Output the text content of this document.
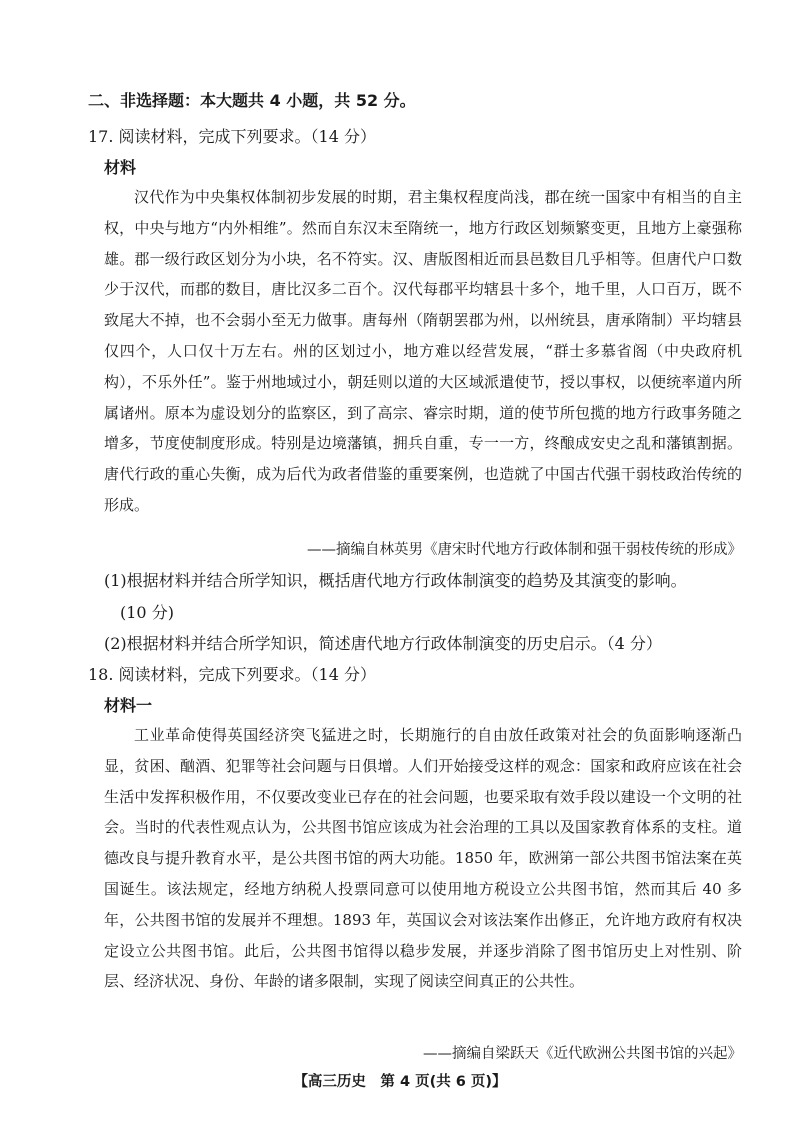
二、非选择题：本大题共 4 小题，共 52 分。
17. 阅读材料，完成下列要求。（14 分）
材料
汉代作为中央集权体制初步发展的时期，君主集权程度尚浅，郡在统一国家中有相当的自主权，中央与地方“内外相维”。然而自东汉末至隋统一，地方行政区划频繁变更，且地方上豪强称雄。郡一级行政区划分为小块，名不符实。汉、唐版图相近而县邑数目几乎相等。但唐代户口数少于汉代，而郡的数目，唐比汉多二百个。汉代每郡平均辖县十多个，地千里，人口百万，既不致尾大不掉，也不会弱小至无力做事。唐每州（隋朝罢郡为州，以州统县，唐承隋制）平均辖县仅四个，人口仅十万左右。州的区划过小，地方难以经营发展，“群士多慕省阁（中央政府机构），不乐外任”。鉴于州地域过小，朝廷则以道的大区域派遣使节，授以事权，以便统率道内所属诸州。原本为虚设划分的监察区，到了高宗、睿宗时期，道的使节所包揽的地方行政事务随之增多，节度使制度形成。特别是边境藩镇，拥兵自重，专一一方，终酿成安史之乱和藩镇割据。唐代行政的重心失衡，成为后代为政者借鉴的重要案例，也造就了中国古代强干弱枝政治传统的形成。
——摘编自林英男《唐宋时代地方行政体制和强干弱枝传统的形成》
(1)根据材料并结合所学知识，概括唐代地方行政体制演变的趋势及其演变的影响。
(10 分)
(2)根据材料并结合所学知识，简述唐代地方行政体制演变的历史启示。（4 分）
18. 阅读材料，完成下列要求。（14 分）
材料一
工业革命使得英国经济突飞猛进之时，长期施行的自由放任政策对社会的负面影响逐渐凸显，贫困、酗酒、犯罪等社会问题与日俱增。人们开始接受这样的观念：国家和政府应该在社会生活中发挥积极作用，不仅要改变业已存在的社会问题，也要采取有效手段以建设一个文明的社会。当时的代表性观点认为，公共图书馆应该成为社会治理的工具以及国家教育体系的支柱。道德改良与提升教育水平，是公共图书馆的两大功能。1850 年，欧洲第一部公共图书馆法案在英国诞生。该法规定，经地方纳税人投票同意可以使用地方税设立公共图书馆，然而其后 40 多年，公共图书馆的发展并不理想。1893 年，英国议会对该法案作出修正，允许地方政府有权决定设立公共图书馆。此后，公共图书馆得以稳步发展，并逐步消除了图书馆历史上对性别、阶层、经济状况、身份、年龄的诸多限制，实现了阅读空间真正的公共性。
——摘编自梁跃天《近代欧洲公共图书馆的兴起》
【高三历史　第 4 页(共 6 页)】
